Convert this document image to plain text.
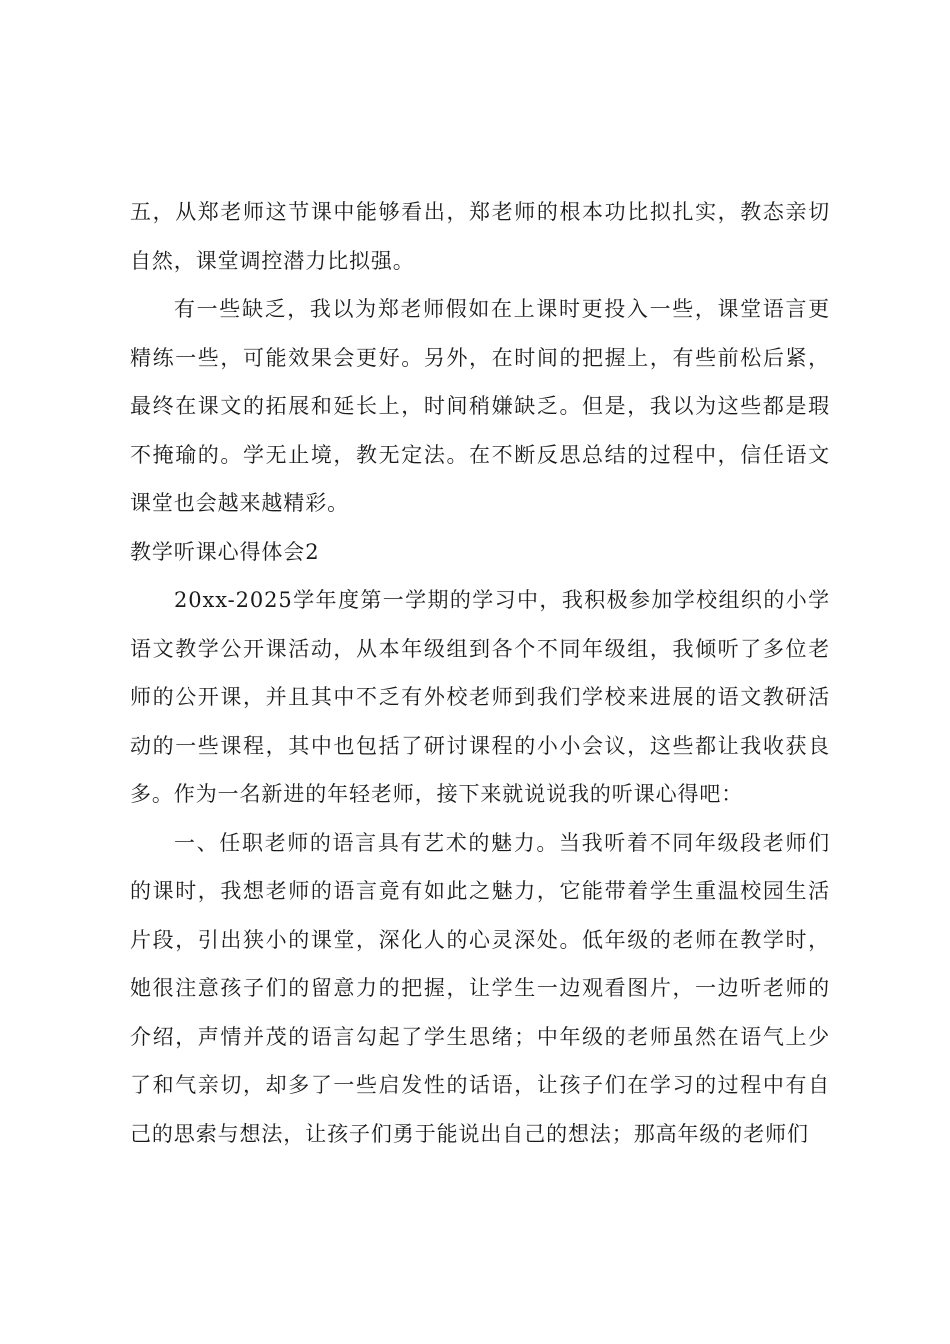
五，从郑老师这节课中能够看出，郑老师的根本功比拟扎实，教态亲切自然，课堂调控潜力比拟强。

有一些缺乏，我以为郑老师假如在上课时更投入一些，课堂语言更精练一些，可能效果会更好。另外，在时间的把握上，有些前松后紧，最终在课文的拓展和延长上，时间稍嫌缺乏。但是，我以为这些都是瑕不掩瑜的。学无止境，教无定法。在不断反思总结的过程中，信任语文课堂也会越来越精彩。

教学听课心得体会2

20xx-2025学年度第一学期的学习中，我积极参加学校组织的小学语文教学公开课活动，从本年级组到各个不同年级组，我倾听了多位老师的公开课，并且其中不乏有外校老师到我们学校来进展的语文教研活动的一些课程，其中也包括了研讨课程的小小会议，这些都让我收获良多。作为一名新进的年轻老师，接下来就说说我的听课心得吧：

一、任职老师的语言具有艺术的魅力。当我听着不同年级段老师们的课时，我想老师的语言竟有如此之魅力，它能带着学生重温校园生活片段，引出狭小的课堂，深化人的心灵深处。低年级的老师在教学时，她很注意孩子们的留意力的把握，让学生一边观看图片，一边听老师的介绍，声情并茂的语言勾起了学生思绪；中年级的老师虽然在语气上少了和气亲切，却多了一些启发性的话语，让孩子们在学习的过程中有自己的思索与想法，让孩子们勇于能说出自己的想法；那高年级的老师们
